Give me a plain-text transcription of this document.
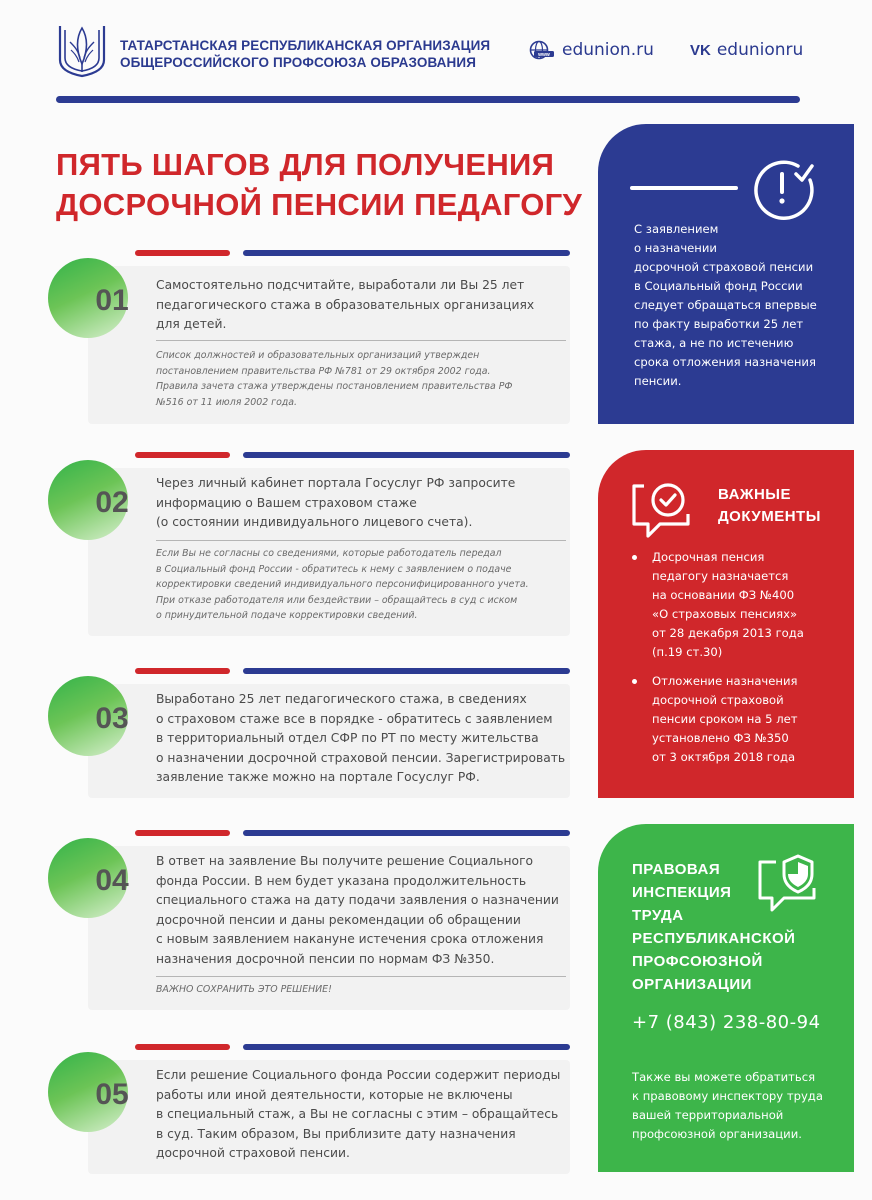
ТАТАРСТАНСКАЯ РЕСПУБЛИКАНСКАЯ ОРГАНИЗАЦИЯ
ОБЩЕРОССИЙСКОГО ПРОФСОЮЗА ОБРАЗОВАНИЯ	www edunion.ru VK edunionru
ПЯТЬ ШАГОВ ДЛЯ ПОЛУЧЕНИЯ
ДОСРОЧНОЙ ПЕНСИИ ПЕДАГОГУ
01 Самостоятельно подсчитайте, выработали ли Вы 25 лет
педагогического стажа в образовательных организациях
для детей.
Список должностей и образовательных организаций утвержден
постановлением правительства РФ №781 от 29 октября 2002 года.
Правила зачета стажа утверждены постановлением правительства РФ
№516 от 11 июля 2002 года.
02
Через личный кабинет портала Госуслуг РФ запросите
информацию о Вашем страховом стаже
(о состоянии индивидуального лицевого счета).
Если Вы не согласны со сведениями, которые работодатель передал
в Социальный фонд России - обратитесь к нему с заявлением о подаче
корректировки сведений индивидуального персонифицированного учета.
При отказе работодателя или бездействии – обращайтесь в суд с иском
о принудительной подаче корректировки сведений.
03
Выработано 25 лет педагогического стажа, в сведениях
о страховом стаже все в порядке - обратитесь с заявлением
в территориальный отдел СФР по РТ по месту жительства
о назначении досрочной страховой пенсии. Зарегистрировать
заявление также можно на портале Госуслуг РФ.
04
В ответ на заявление Вы получите решение Социального
фонда России. В нем будет указана продолжительность
специального стажа на дату подачи заявления о назначении
досрочной пенсии и даны рекомендации об обращении
с новым заявлением накануне истечения срока отложения
назначения досрочной пенсии по нормам ФЗ №350.
ВАЖНО СОХРАНИТЬ ЭТО РЕШЕНИЕ!
05
Если решение Социального фонда России содержит периоды
работы или иной деятельности, которые не включены
в специальный стаж, а Вы не согласны с этим – обращайтесь
в суд. Таким образом, Вы приблизите дату назначения
досрочной страховой пенсии.
С заявлением
о назначении
досрочной страховой пенсии
в Социальный фонд России
следует обращаться впервые
по факту выработки 25 лет
стажа, а не по истечению
срока отложения назначения
пенсии.
ВАЖНЫЕ
ДОКУМЕНТЫ
Досрочная пенсия
педагогу назначается
на основании ФЗ №400
«О страховых пенсиях»
от 28 декабря 2013 года
(п.19 ст.30)
Отложение назначения
досрочной страховой
пенсии сроком на 5 лет
установлено ФЗ №350
от 3 октября 2018 года
ПРАВОВАЯ
ИНСПЕКЦИЯ
ТРУДА
РЕСПУБЛИКАНСКОЙ
ПРОФСОЮЗНОЙ
ОРГАНИЗАЦИИ
+7 (843) 238-80-94
Также вы можете обратиться
к правовому инспектору труда
вашей территориальной
профсоюзной организации.
